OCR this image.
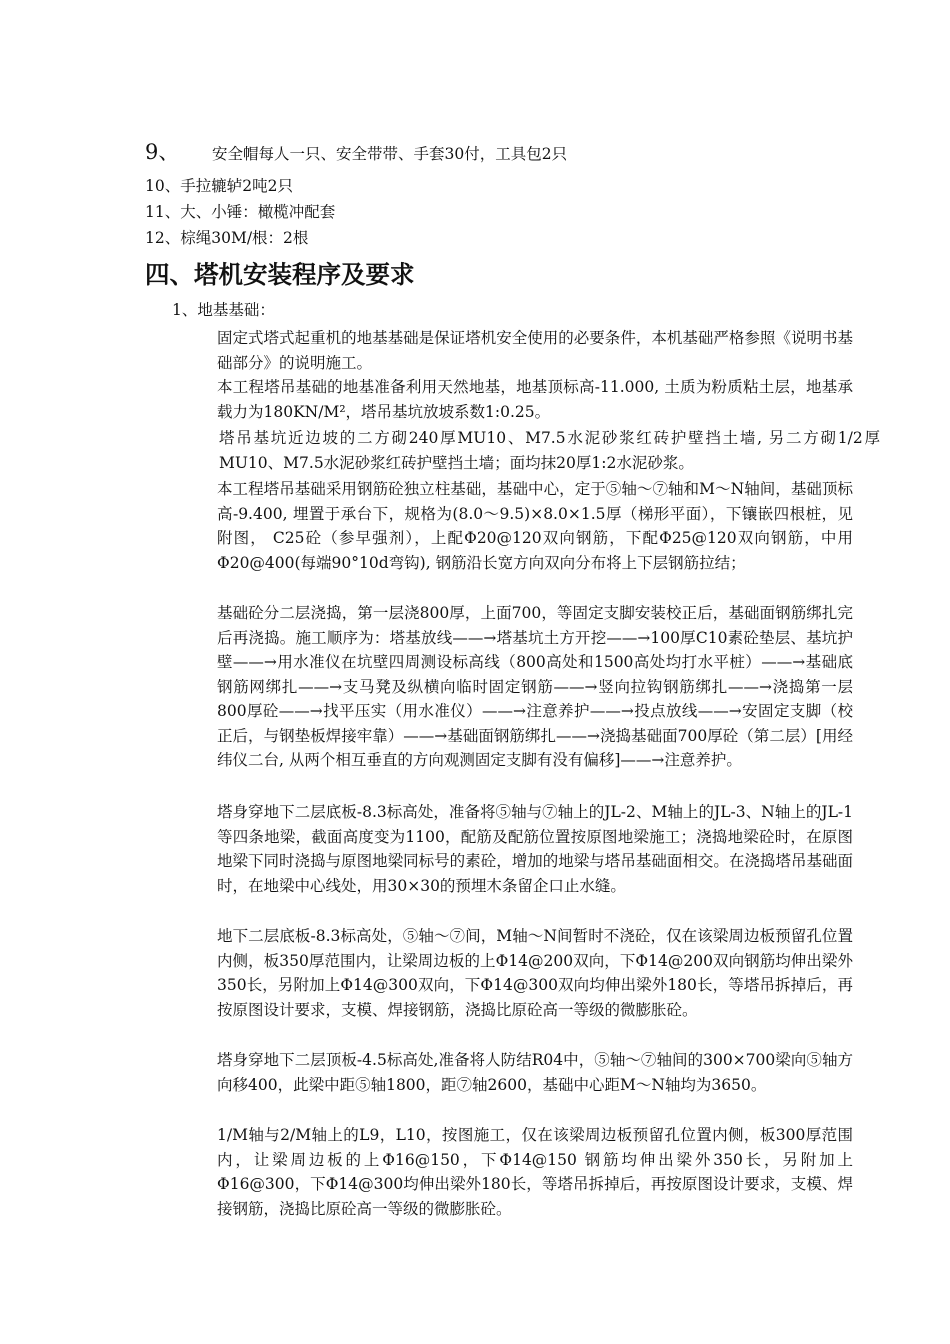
9、 安全帽每人一只、安全带带、手套30付，工具包2只
10、手拉辘轳2吨2只
11、大、小锤：橄榄冲配套
12、棕绳30M/根：2根
四、塔机安装程序及要求
1、地基基础：
固定式塔式起重机的地基基础是保证塔机安全使用的必要条件，本机基础严格参照《说明书基础部分》的说明施工。
本工程塔吊基础的地基准备利用天然地基，地基顶标高-11.000, 土质为粉质粘土层，地基承载力为180KN/M²，塔吊基坑放坡系数1:0.25。
塔吊基坑近边坡的二方砌240厚MU10、M7.5水泥砂浆红砖护壁挡土墙, 另二方砌1/2厚MU10、M7.5水泥砂浆红砖护壁挡土墙；面均抹20厚1:2水泥砂浆。
本工程塔吊基础采用钢筋砼独立柱基础，基础中心，定于⑤轴～⑦轴和M～N轴间，基础顶标高-9.400, 埋置于承台下，规格为(8.0～9.5)×8.0×1.5厚（梯形平面），下镶嵌四根桩，见附图， C25砼（参早强剂），上配Φ20@120双向钢筋，下配Φ25@120双向钢筋，中用Φ20@400(每端90°10d弯钩), 钢筋沿长宽方向双向分布将上下层钢筋拉结；
基础砼分二层浇捣，第一层浇800厚，上面700，等固定支脚安装校正后，基础面钢筋绑扎完后再浇捣。施工顺序为：塔基放线——→塔基坑土方开挖——→100厚C10素砼垫层、基坑护壁——→用水准仪在坑壁四周测设标高线（800高处和1500高处均打水平桩）——→基础底钢筋网绑扎——→支马凳及纵横向临时固定钢筋——→竖向拉钩钢筋绑扎——→浇捣第一层800厚砼——→找平压实（用水准仪）——→注意养护——→投点放线——→安固定支脚（校正后，与钢垫板焊接牢靠）——→基础面钢筋绑扎——→浇捣基础面700厚砼（第二层）[用经纬仪二台, 从两个相互垂直的方向观测固定支脚有没有偏移]——→注意养护。
塔身穿地下二层底板-8.3标高处，准备将⑤轴与⑦轴上的JL-2、M轴上的JL-3、N轴上的JL-1等四条地梁，截面高度变为1100，配筋及配筋位置按原图地梁施工；浇捣地梁砼时，在原图地梁下同时浇捣与原图地梁同标号的素砼，增加的地梁与塔吊基础面相交。在浇捣塔吊基础面时，在地梁中心线处，用30×30的预埋木条留企口止水缝。
地下二层底板-8.3标高处，⑤轴～⑦间，M轴～N间暂时不浇砼，仅在该梁周边板预留孔位置内侧，板350厚范围内，让梁周边板的上Φ14@200双向，下Φ14@200双向钢筋均伸出梁外350长，另附加上Φ14@300双向，下Φ14@300双向均伸出梁外180长，等塔吊拆掉后，再按原图设计要求，支模、焊接钢筋，浇捣比原砼高一等级的微膨胀砼。
塔身穿地下二层顶板-4.5标高处,准备将人防结R04中，⑤轴～⑦轴间的300×700梁向⑤轴方向移400，此梁中距⑤轴1800，距⑦轴2600，基础中心距M～N轴均为3650。
1/M轴与2/M轴上的L9，L10，按图施工，仅在该梁周边板预留孔位置内侧，板300厚范围内，让梁周边板的上Φ16@150，下Φ14@150 钢筋均伸出梁外350长，另附加上Φ16@300，下Φ14@300均伸出梁外180长，等塔吊拆掉后，再按原图设计要求，支模、焊接钢筋，浇捣比原砼高一等级的微膨胀砼。
